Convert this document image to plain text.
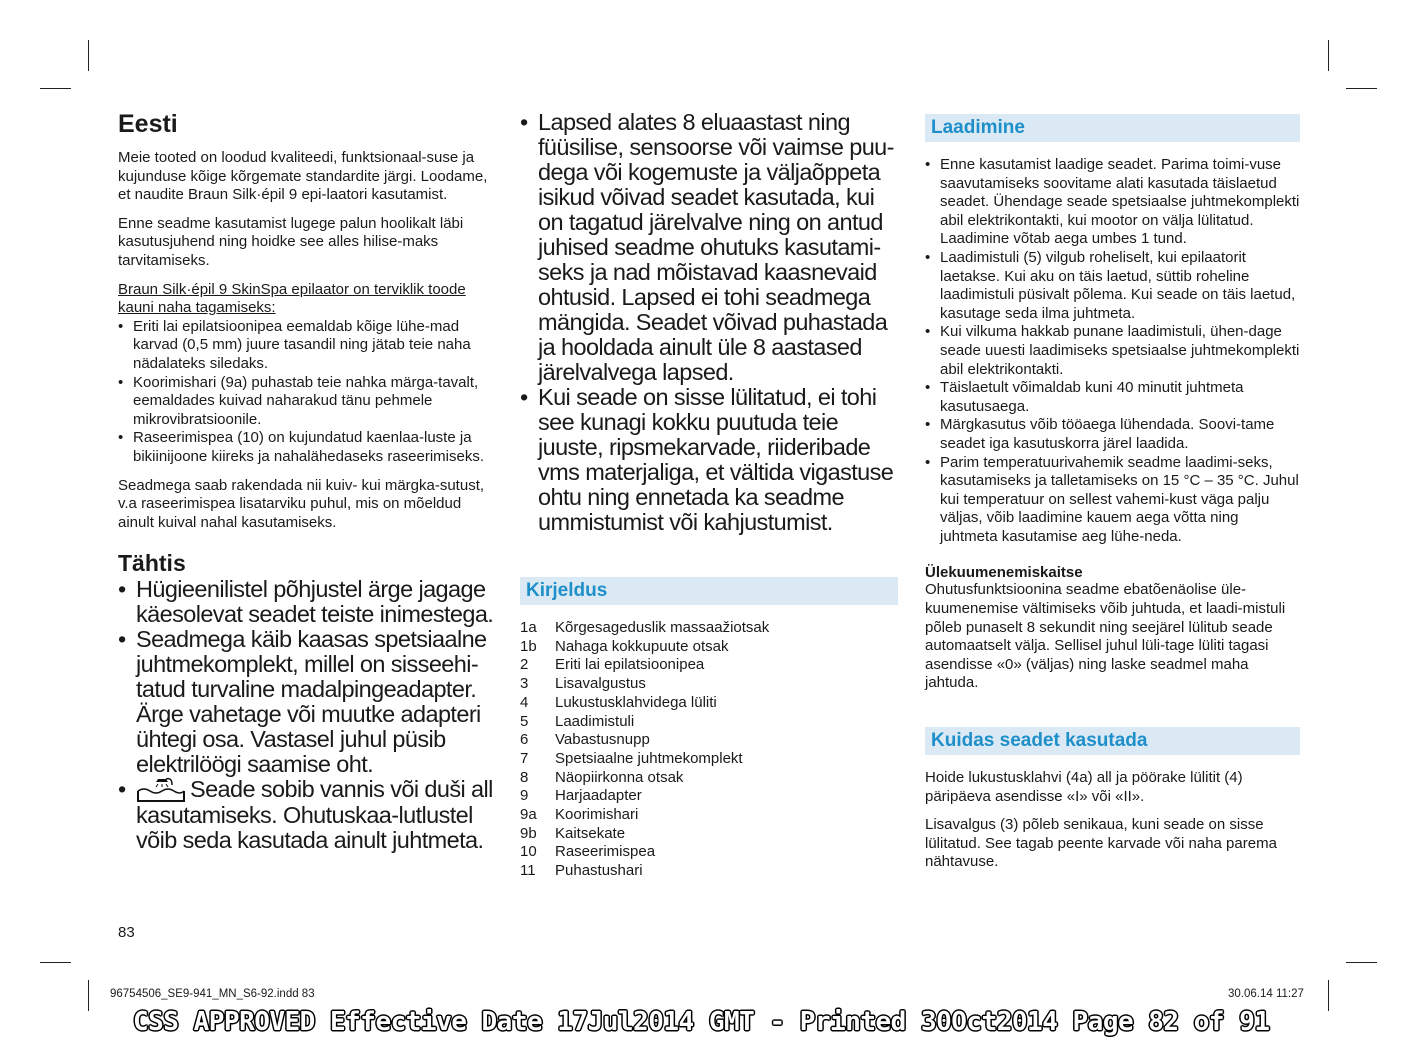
Eesti

Meie tooted on loodud kvaliteedi, funktsionaal-suse ja kujunduse kõige kõrgemate standardite järgi. Loodame, et naudite Braun Silk·épil 9 epi-laatori kasutamist.

Enne seadme kasutamist lugege palun hoolikalt läbi kasutusjuhend ning hoidke see alles hilise-maks tarvitamiseks.

Braun Silk·épil 9 SkinSpa epilaator on terviklik toode kauni naha tagamiseks:

• Eriti lai epilatsioonipea eemaldab kõige lühe-mad karvad (0,5 mm) juure tasandil ning jätab teie naha nädalateks siledaks.
• Koorimishari (9a) puhastab teie nahka märga-tavalt, eemaldades kuivad naharakud tänu pehmele mikrovibratsioonile.
• Raseerimispea (10) on kujundatud kaenlaa-luste ja bikiinijoone kiireks ja nahalähedaseks raseerimiseks.

Seadmega saab rakendada nii kuiv- kui märgka-sutust, v.a raseerimispea lisatarviku puhul, mis on mõeldud ainult kuival nahal kasutamiseks.

Tähtis
• Hügieenilistel põhjustel ärge jagage käesolevat seadet teiste inimestega.
• Seadmega käib kaasas spetsiaalne juhtmekomplekt, millel on sisseehi-tatud turvaline madalpingeadapter. Ärge vahetage või muutke adapteri ühtegi osa. Vastasel juhul püsib elektrilöögi saamise oht.
• Seade sobib vannis või duši all kasutamiseks. Ohutuskaa-lutlustel võib seda kasutada ainult juhtmeta.
83
• Lapsed alates 8 eluaastast ning füüsilise, sensoorse või vaimse puu-dega või kogemuste ja väljaõppeta isikud võivad seadet kasutada, kui on tagatud järelvalve ning on antud juhised seadme ohutuks kasutami-seks ja nad mõistavad kaasnevaid ohtusid. Lapsed ei tohi seadmega mängida. Seadet võivad puhastada ja hooldada ainult üle 8 aastased järelvalvega lapsed.
• Kui seade on sisse lülitatud, ei tohi see kunagi kokku puutuda teie juuste, ripsmekarvade, riideribade vms materjaliga, et vältida vigastuse ohtu ning ennetada ka seadme ummistumist või kahjustumist.
Kirjeldus
1a	Kõrgesageduslik massaažiotsak
1b	Nahaga kokkupuute otsak
2	Eriti lai epilatsioonipea
3	Lisavalgustus
4	Lukustusklahvidega lüliti
5	Laadimistuli
6	Vabastusnupp
7	Spetsiaalne juhtmekomplekt
8	Näopiirkonna otsak
9	Harjaadapter
9a	Koorimishari
9b	Kaitsekate
10	Raseerimispea
11	Puhastushari
Laadimine
• Enne kasutamist laadige seadet. Parima toimi-vuse saavutamiseks soovitame alati kasutada täislaetud seadet. Ühendage seade spetsiaalse juhtmekomplekti abil elektrikontakti, kui mootor on välja lülitatud. Laadimine võtab aega umbes 1 tund.
• Laadimistuli (5) vilgub roheliselt, kui epilaatorit laetakse. Kui aku on täis laetud, süttib roheline laadimistuli püsivalt põlema. Kui seade on täis laetud, kasutage seda ilma juhtmeta.
• Kui vilkuma hakkab punane laadimistuli, ühen-dage seade uuesti laadimiseks spetsiaalse juhtmekomplekti abil elektrikontakti.
• Täislaetult võimaldab kuni 40 minutit juhtmeta kasutusaega.
• Märgkasutus võib tööaega lühendada. Soovi-tame seadet iga kasutuskorra järel laadida.
• Parim temperatuurivahemik seadme laadimi-seks, kasutamiseks ja talletamiseks on 15 °C – 35 °C. Juhul kui temperatuur on sellest vahemi-kust väga palju väljas, võib laadimine kauem aega võtta ning juhtmeta kasutamise aeg lühe-neda.

Ülekuumenemiskaitse

Ohutusfunktsioonina seadme ebatõenäolise üle-kuumenemise vältimiseks võib juhtuda, et laadi-mistuli põleb punaselt 8 sekundit ning seejärel lülitub seade automaatselt välja. Sellisel juhul lüli-tage lüliti tagasi asendisse «0» (väljas) ning laske seadmel maha jahtuda.

Kuidas seadet kasutada

Hoide lukustusklahvi (4a) all ja pöörake lülitit (4) päripäeva asendisse «I» või «II».

Lisavalgus (3) põleb senikaua, kuni seade on sisse lülitatud. See tagab peente karvade või naha parema nähtavuse.

96754506_SE9-941_MN_S6-92.indd 83	30.06.14 11:27
CSS APPROVED Effective Date 17Jul2014 GMT - Printed 30Oct2014 Page 82 of 91
